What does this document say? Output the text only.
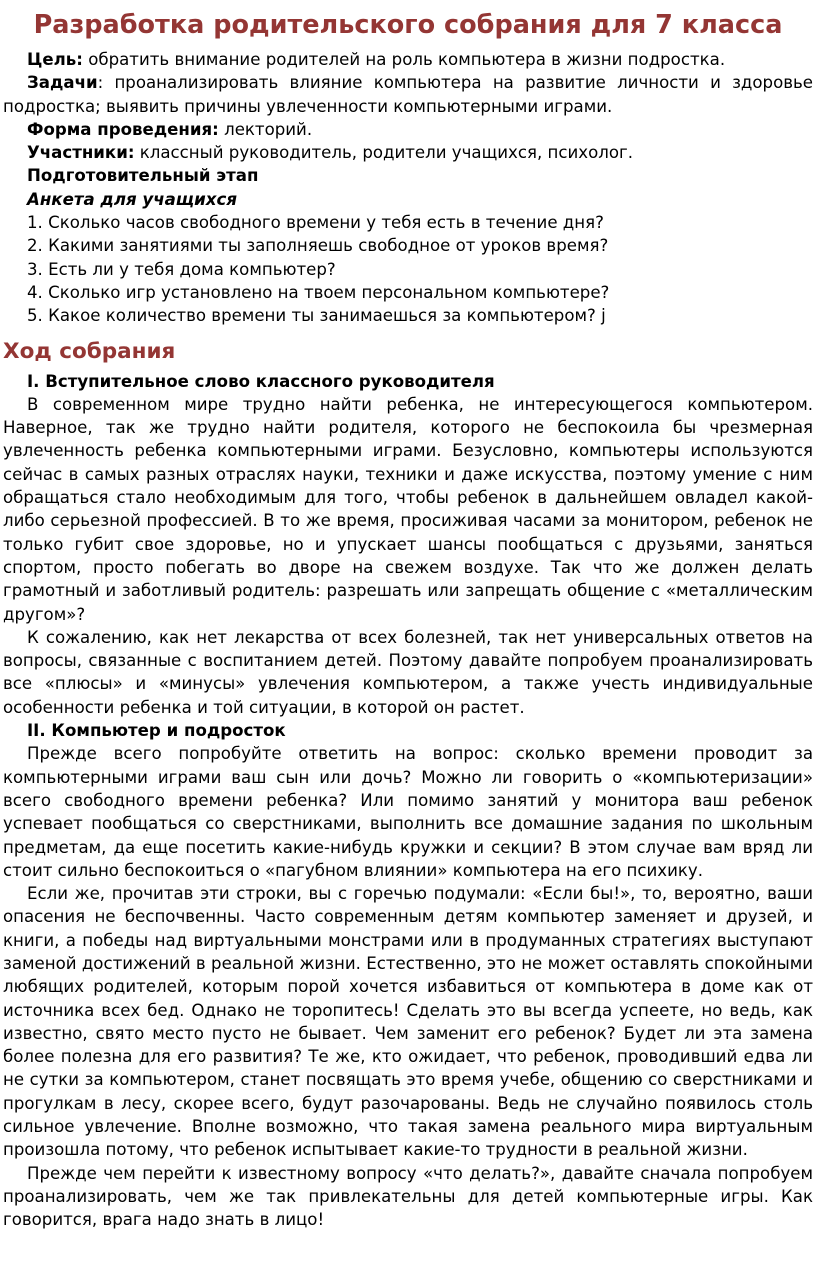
Разработка родительского собрания для 7 класса

Цель: обратить внимание родителей на роль компьютера в жизни подростка.

Задачи: проанализировать влияние компьютера на развитие личности и здоровье подростка; выявить причины увлеченности компьютерными играми.

Форма проведения: лекторий.

Участники: классный руководитель, родители учащихся, психолог.

Подготовительный этап

Анкета для учащихся

1. Сколько часов свободного времени у тебя есть в течение дня?

2. Какими занятиями ты заполняешь свободное от уроков время?

3. Есть ли у тебя дома компьютер?

4. Сколько игр установлено на твоем персональном компьютере?

5. Какое количество времени ты занимаешься за компьютером? j

Ход собрания

I. Вступительное слово классного руководителя

В современном мире трудно найти ребенка, не интересующегося компьютером. Наверное, так же трудно найти родителя, которого не беспокоила бы чрезмерная увлеченность ребенка компьютерными играми. Безусловно, компьютеры используются сейчас в самых разных отраслях науки, техники и даже искусства, поэтому умение с ним обращаться стало необходимым для того, чтобы ребенок в дальнейшем овладел какой-либо серьезной профессией. В то же время, просиживая часами за монитором, ребенок не только губит свое здоровье, но и упускает шансы пообщаться с друзьями, заняться спортом, просто побегать во дворе на свежем воздухе. Так что же должен делать грамотный и заботливый родитель: разрешать или запрещать общение с «металлическим другом»?

К сожалению, как нет лекарства от всех болезней, так нет универсальных ответов на вопросы, связанные с воспитанием детей. Поэтому давайте попробуем проанализировать все «плюсы» и «минусы» увлечения компьютером, а также учесть индивидуальные особенности ребенка и той ситуации, в которой он растет.

II. Компьютер и подросток

Прежде всего попробуйте ответить на вопрос: сколько времени проводит за компьютерными играми ваш сын или дочь? Можно ли говорить о «компьютеризации» всего свободного времени ребенка? Или помимо занятий у монитора ваш ребенок успевает пообщаться со сверстниками, выполнить все домашние задания по школьным предметам, да еще посетить какие-нибудь кружки и секции? В этом случае вам вряд ли стоит сильно беспокоиться о «пагубном влиянии» компьютера на его психику.

Если же, прочитав эти строки, вы с горечью подумали: «Если бы!», то, вероятно, ваши опасения не беспочвенны. Часто современным детям компьютер заменяет и друзей, и книги, а победы над виртуальными монстрами или в продуманных стратегиях выступают заменой достижений в реальной жизни. Естественно, это не может оставлять спокойными любящих родителей, которым порой хочется избавиться от компьютера в доме как от источника всех бед. Однако не торопитесь! Сделать это вы всегда успеете, но ведь, как известно, свято место пусто не бывает. Чем заменит его ребенок? Будет ли эта замена более полезна для его развития? Те же, кто ожидает, что ребенок, проводивший едва ли не сутки за компьютером, станет посвящать это время учебе, общению со сверстниками и прогулкам в лесу, скорее всего, будут разочарованы. Ведь не случайно появилось столь сильное увлечение. Вполне возможно, что такая замена реального мира виртуальным произошла потому, что ребенок испытывает какие-то трудности в реальной жизни.

Прежде чем перейти к известному вопросу «что делать?», давайте сначала попробуем проанализировать, чем же так привлекательны для детей компьютерные игры. Как говорится, врага надо знать в лицо!
